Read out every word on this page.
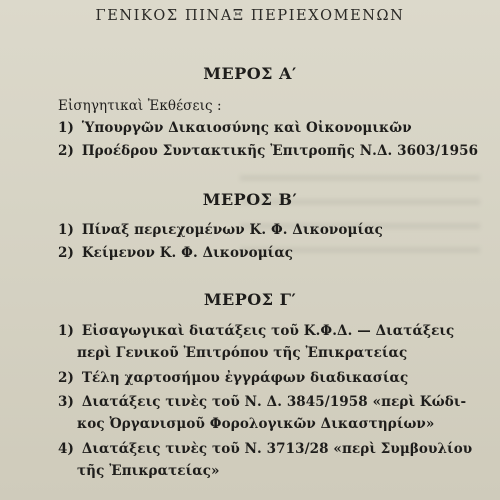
ΓΕΝΙΚΟΣ ΠΙΝΑΞ ΠΕΡΙΕΧΟΜΕΝΩΝ
ΜΕΡΟΣ Α′
Εἰσηγητικαὶ Ἐκθέσεις :
1) Ὑπουργῶν Δικαιοσύνης καὶ Οἰκονομικῶν
2) Προέδρου Συντακτικῆς Ἐπιτροπῆς Ν.Δ. 3603/1956
ΜΕΡΟΣ Β′
1) Πίναξ περιεχομένων Κ. Φ. Δικονομίας
2) Κείμενον Κ. Φ. Δικονομίας
ΜΕΡΟΣ Γ′
1) Εἰσαγωγικαὶ διατάξεις τοῦ Κ.Φ.Δ. — Διατάξεις
περὶ Γενικοῦ Ἐπιτρόπου τῆς Ἐπικρατείας
2) Τέλη χαρτοσήμου ἐγγράφων διαδικασίας
3) Διατάξεις τινὲς τοῦ Ν. Δ. 3845/1958 «περὶ Κώδι-
κος Ὀργανισμοῦ Φορολογικῶν Δικαστηρίων»
4) Διατάξεις τινὲς τοῦ Ν. 3713/28 «περὶ Συμβουλίου
τῆς Ἐπικρατείας»
